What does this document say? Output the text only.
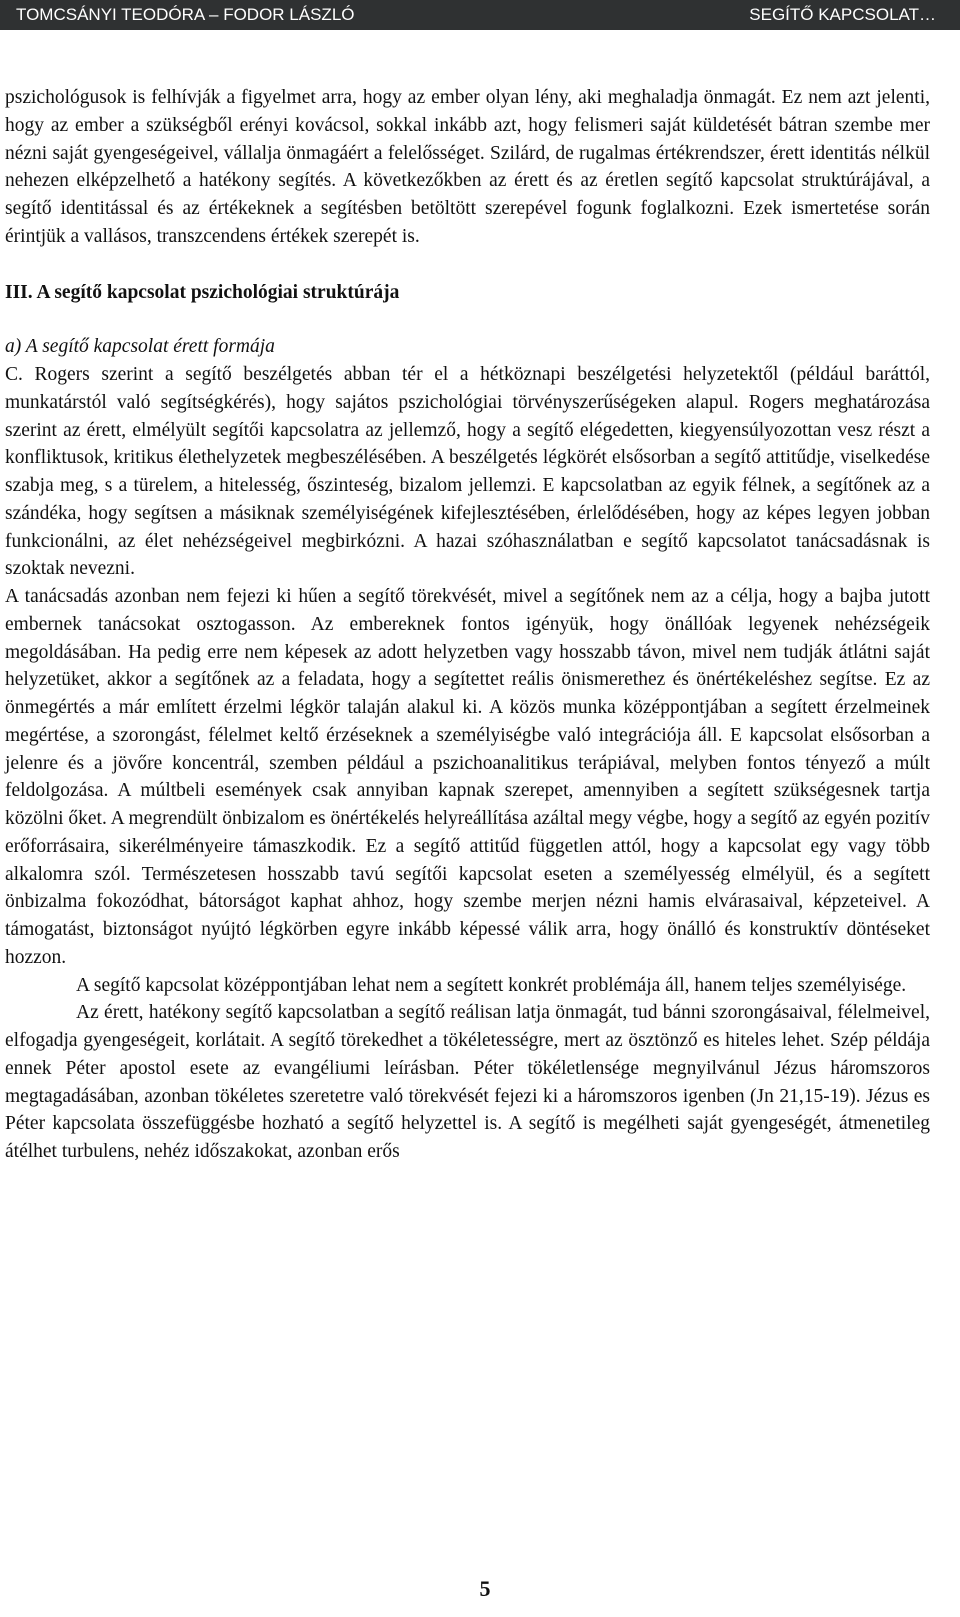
TOMCSÁNYI TEODÓRA – FODOR LÁSZLÓ	SEGÍTŐ KAPCSOLAT…

pszichológusok is felhívják a figyelmet arra, hogy az ember olyan lény, aki meghaladja önmagát. Ez nem azt jelenti, hogy az ember a szükségből erényi kovácsol, sokkal inkább azt, hogy felismeri saját küldetését bátran szembe mer nézni saját gyengeségeivel, vállalja önmagáért a felelősséget. Szilárd, de rugalmas értékrendszer, érett identitás nélkül nehezen elképzelhető a hatékony segítés. A következőkben az érett és az éretlen segítő kapcsolat struktúrájával, a segítő identitással és az értékeknek a segítésben betöltött szerepével fogunk foglalkozni. Ezek ismertetése során érintjük a vallásos, transzcendens értékek szerepét is.

III. A segítő kapcsolat pszichológiai struktúrája
a) A segítő kapcsolat érett formája

C. Rogers szerint a segítő beszélgetés abban tér el a hétköznapi beszélgetési helyzetektől (például baráttól, munkatárstól való segítségkérés), hogy sajátos pszichológiai törvényszerűségeken alapul. Rogers meghatározása szerint az érett, elmélyült segítői kapcsolatra az jellemző, hogy a segítő elégedetten, kiegyensúlyozottan vesz részt a konfliktusok, kritikus élethelyzetek megbeszélésében. A beszélgetés légkörét elsősorban a segítő attitűdje, viselkedése szabja meg, s a türelem, a hitelesség, őszinteség, bizalom jellemzi. E kapcsolatban az egyik félnek, a segítőnek az a szándéka, hogy segítsen a másiknak személyiségének kifejlesztésében, érlelődésében, hogy az képes legyen jobban funkcionálni, az élet nehézségeivel megbirkózni. A hazai szóhasználatban e segítő kapcsolatot tanácsadásnak is szoktak nevezni.

A tanácsadás azonban nem fejezi ki hűen a segítő törekvését, mivel a segítőnek nem az a célja, hogy a bajba jutott embernek tanácsokat osztogasson. Az embereknek fontos igényük, hogy önállóak legyenek nehézségeik megoldásában. Ha pedig erre nem képesek az adott helyzetben vagy hosszabb távon, mivel nem tudják átlátni saját helyzetüket, akkor a segítőnek az a feladata, hogy a segítettet reális önismerethez és önértékeléshez segítse. Ez az önmegértés a már említett érzelmi légkör talaján alakul ki. A közös munka középpontjában a segített érzelmeinek megértése, a szorongást, félelmet keltő érzéseknek a személyiségbe való integrációja áll. E kapcsolat elsősorban a jelenre és a jövőre koncentrál, szemben például a pszichoanalitikus terápiával, melyben fontos tényező a múlt feldolgozása. A múltbeli események csak annyiban kapnak szerepet, amennyiben a segített szükségesnek tartja közölni őket. A megrendült önbizalom es önértékelés helyreállítása azáltal megy végbe, hogy a segítő az egyén pozitív erőforrásaira, sikerélményeire támaszkodik. Ez a segítő attitűd független attól, hogy a kapcsolat egy vagy több alkalomra szól. Természetesen hosszabb tavú segítői kapcsolat eseten a személyesség elmélyül, és a segített önbizalma fokozódhat, bátorságot kaphat ahhoz, hogy szembe merjen nézni hamis elvárasaival, képzeteivel. A támogatást, biztonságot nyújtó légkörben egyre inkább képessé válik arra, hogy önálló és konstruktív döntéseket hozzon.

A segítő kapcsolat középpontjában lehat nem a segített konkrét problémája áll, hanem teljes személyisége.

Az érett, hatékony segítő kapcsolatban a segítő reálisan latja önmagát, tud bánni szorongásaival, félelmeivel, elfogadja gyengeségeit, korlátait. A segítő törekedhet a tökéletességre, mert az ösztönző es hiteles lehet. Szép példája ennek Péter apostol esete az evangéliumi leírásban. Péter tökéletlensége megnyilvánul Jézus háromszoros megtagadásában, azonban tökéletes szeretetre való törekvését fejezi ki a háromszoros igenben (Jn 21,15-19). Jézus es Péter kapcsolata összefüggésbe hozható a segítő helyzettel is. A segítő is megélheti saját gyengeségét, átmenetileg átélhet turbulens, nehéz időszakokat, azonban erős

5
